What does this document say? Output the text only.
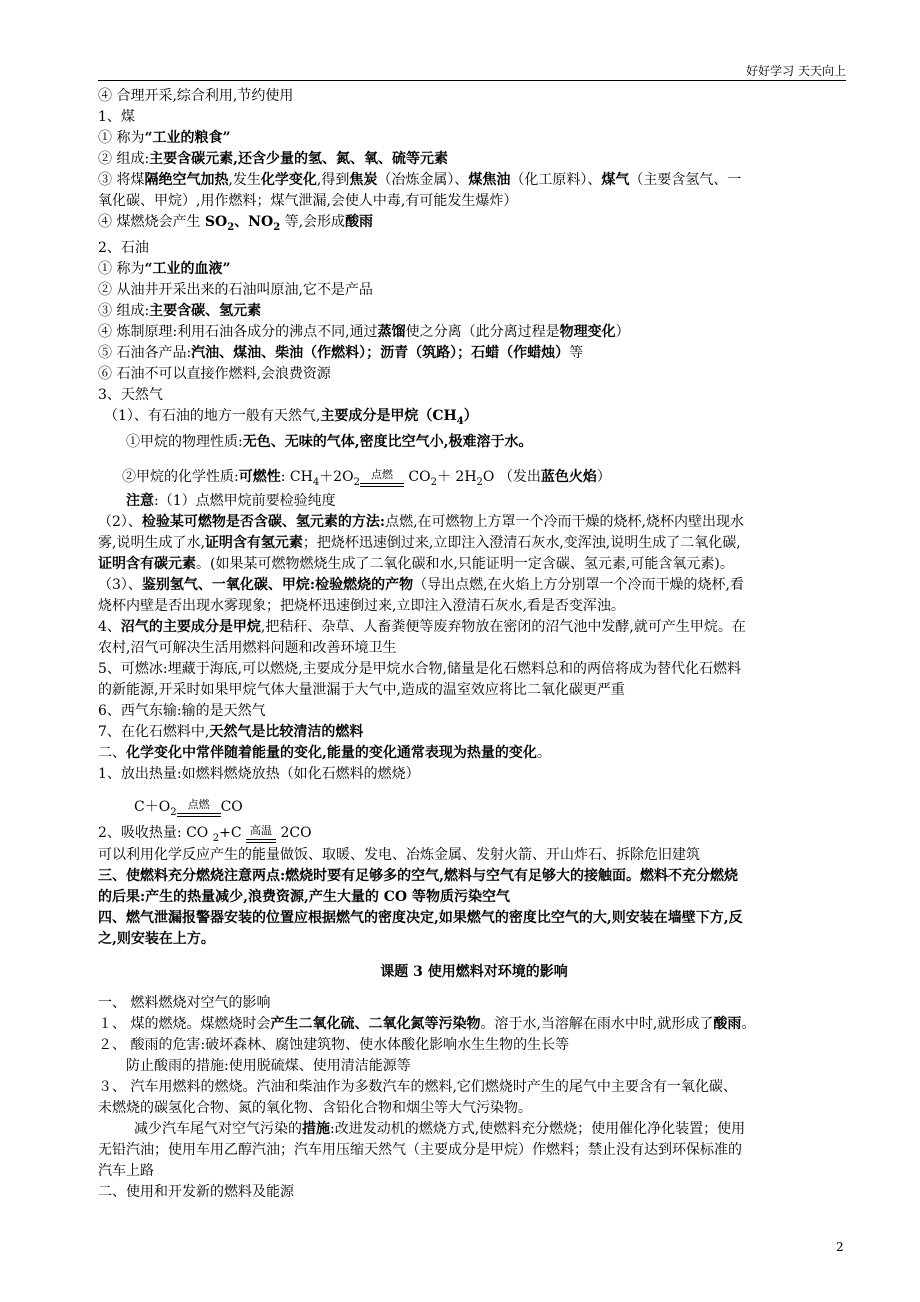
好好学习 天天向上
④ 合理开采,综合利用,节约使用
1、煤
① 称为“工业的粮食”
② 组成:主要含碳元素,还含少量的氢、氮、氧、硫等元素
③ 将煤隔绝空气加热,发生化学变化,得到焦炭（冶炼金属）、煤焦油（化工原料）、煤气（主要含氢气、一
氧化碳、甲烷）,用作燃料；煤气泄漏,会使人中毒,有可能发生爆炸）
④ 煤燃烧会产生 $SO_2$、$NO_2$ 等,会形成酸雨
2、石油
① 称为“工业的血液”
② 从油井开采出来的石油叫原油,它不是产品
③ 组成:主要含碳、氢元素
④ 炼制原理:利用石油各成分的沸点不同,通过蒸馏使之分离（此分离过程是物理变化）
⑤ 石油各产品:汽油、煤油、柴油（作燃料）；沥青（筑路）；石蜡（作蜡烛）等
⑥ 石油不可以直接作燃料,会浪费资源
3、天然气
（1）、有石油的地方一般有天然气,主要成分是甲烷$(CH_4)$
①甲烷的物理性质:无色、无味的气体,密度比空气小,极难溶于水。
②甲烷的化学性质:可燃性: $CH_4+2O_2$
点燃 $CO_2+ 2H_2O$ （发出蓝色火焰）
注意:（1）点燃甲烷前要检验纯度
（2）、检验某可燃物是否含碳、氢元素的方法:点燃,在可燃物上方罩一个冷而干燥的烧杯,烧杯内壁出现水
雾,说明生成了水,证明含有氢元素；把烧杯迅速倒过来,立即注入澄清石灰水,变浑浊,说明生成了二氧化碳,
证明含有碳元素。(如果某可燃物燃烧生成了二氧化碳和水,只能证明一定含碳、氢元素,可能含氧元素)。
（3）、鉴别氢气、一氧化碳、甲烷:检验燃烧的产物（导出点燃,在火焰上方分别罩一个冷而干燥的烧杯,看
烧杯内壁是否出现水雾现象；把烧杯迅速倒过来,立即注入澄清石灰水,看是否变浑浊。
4、沼气的主要成分是甲烷,把秸秆、杂草、人畜粪便等废弃物放在密闭的沼气池中发酵,就可产生甲烷。在
农村,沼气可解决生活用燃料问题和改善环境卫生
5、可燃冰:埋藏于海底,可以燃烧,主要成分是甲烷水合物,储量是化石燃料总和的两倍将成为替代化石燃料
的新能源,开采时如果甲烷气体大量泄漏于大气中,造成的温室效应将比二氧化碳更严重
6、西气东输:输的是天然气
7、在化石燃料中,天然气是比较清洁的燃料
二、化学变化中常伴随着能量的变化,能量的变化通常表现为热量的变化。
1、放出热量:如燃料燃烧放热（如化石燃料的燃烧）
$C+O_2$
点燃 CO
2、吸收热量: CO $_2$+C 高温 2CO
可以利用化学反应产生的能量做饭、取暖、发电、冶炼金属、发射火箭、开山炸石、拆除危旧建筑
三、使燃料充分燃烧注意两点:燃烧时要有足够多的空气,燃料与空气有足够大的接触面。燃料不充分燃烧
的后果:产生的热量减少,浪费资源,产生大量的 CO 等物质污染空气
四、燃气泄漏报警器安装的位置应根据燃气的密度决定,如果燃气的密度比空气的大,则安装在墙壁下方,反
之,则安装在上方。
课题 3 使用燃料对环境的影响
一、 燃料燃烧对空气的影响
１、 煤的燃烧。煤燃烧时会产生二氧化硫、二氧化氮等污染物。溶于水,当溶解在雨水中时,就形成了酸雨。
２、 酸雨的危害:破坏森林、腐蚀建筑物、使水体酸化影响水生生物的生长等
防止酸雨的措施:使用脱硫煤、使用清洁能源等
３、 汽车用燃料的燃烧。汽油和柴油作为多数汽车的燃料,它们燃烧时产生的尾气中主要含有一氧化碳、
未燃烧的碳氢化合物、氮的氧化物、含铅化合物和烟尘等大气污染物。
减少汽车尾气对空气污染的措施:改进发动机的燃烧方式,使燃料充分燃烧；使用催化净化装置；使用
无铅汽油；使用车用乙醇汽油；汽车用压缩天然气（主要成分是甲烷）作燃料；禁止没有达到环保标准的
汽车上路
二、使用和开发新的燃料及能源
2
